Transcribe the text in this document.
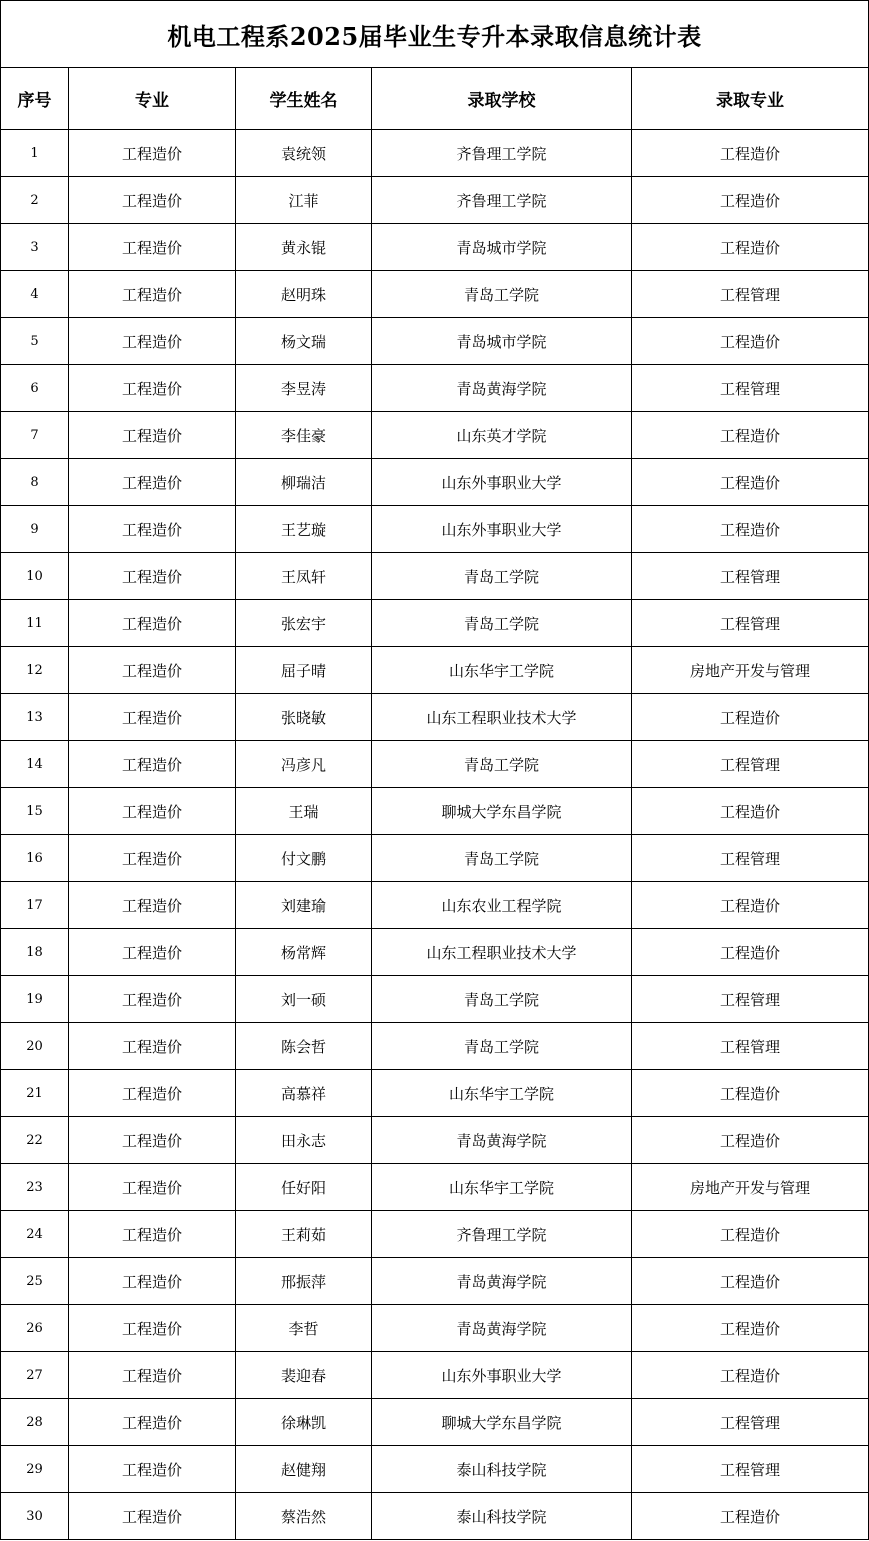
机电工程系2025届毕业生专升本录取信息统计表
序号	专业	学生姓名	录取学校	录取专业
1	工程造价	袁统领	齐鲁理工学院	工程造价
2	工程造价	江菲	齐鲁理工学院	工程造价
3	工程造价	黄永锟	青岛城市学院	工程造价
4	工程造价	赵明珠	青岛工学院	工程管理
5	工程造价	杨文瑞	青岛城市学院	工程造价
6	工程造价	李昱涛	青岛黄海学院	工程管理
7	工程造价	李佳豪	山东英才学院	工程造价
8	工程造价	柳瑞洁	山东外事职业大学	工程造价
9	工程造价	王艺璇	山东外事职业大学	工程造价
10	工程造价	王凤轩	青岛工学院	工程管理
11	工程造价	张宏宇	青岛工学院	工程管理
12	工程造价	屈子晴	山东华宇工学院	房地产开发与管理
13	工程造价	张晓敏	山东工程职业技术大学	工程造价
14	工程造价	冯彦凡	青岛工学院	工程管理
15	工程造价	王瑞	聊城大学东昌学院	工程造价
16	工程造价	付文鹏	青岛工学院	工程管理
17	工程造价	刘建瑜	山东农业工程学院	工程造价
18	工程造价	杨常辉	山东工程职业技术大学	工程造价
19	工程造价	刘一硕	青岛工学院	工程管理
20	工程造价	陈会哲	青岛工学院	工程管理
21	工程造价	高慕祥	山东华宇工学院	工程造价
22	工程造价	田永志	青岛黄海学院	工程造价
23	工程造价	任好阳	山东华宇工学院	房地产开发与管理
24	工程造价	王莉茹	齐鲁理工学院	工程造价
25	工程造价	邢振萍	青岛黄海学院	工程造价
26	工程造价	李哲	青岛黄海学院	工程造价
27	工程造价	裴迎春	山东外事职业大学	工程造价
28	工程造价	徐琳凯	聊城大学东昌学院	工程管理
29	工程造价	赵健翔	泰山科技学院	工程管理
30	工程造价	蔡浩然	泰山科技学院	工程造价
